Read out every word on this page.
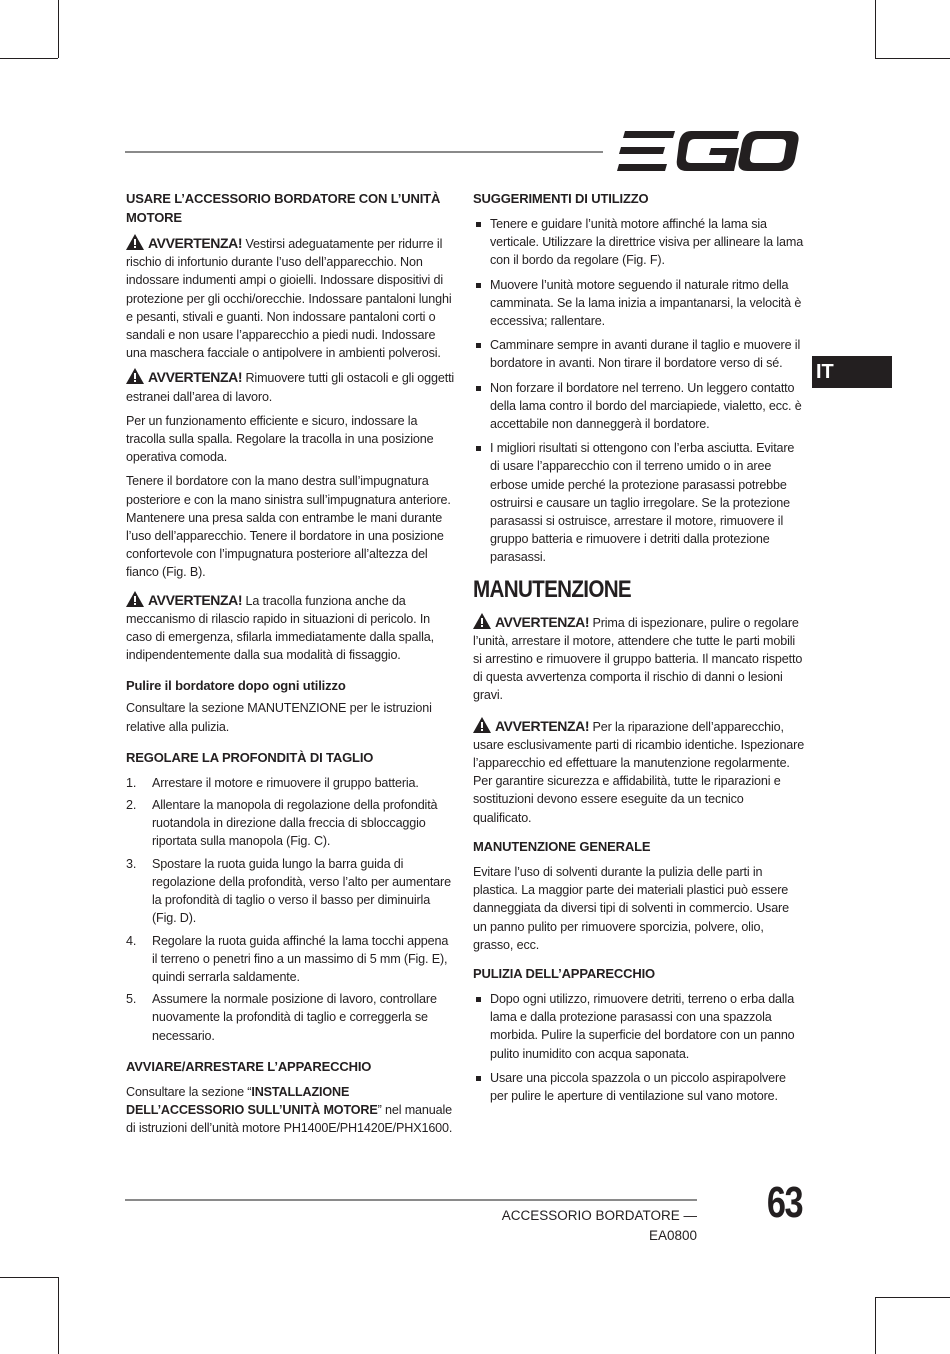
IT
USARE L’ACCESSORIO BORDATORE CON L’UNITÀ MOTORE

AVVERTENZA! Vestirsi adeguatamente per ridurre il rischio di infortunio durante l’uso dell’apparecchio. Non indossare indumenti ampi o gioielli. Indossare dispositivi di protezione per gli occhi/orecchie. Indossare pantaloni lunghi e pesanti, stivali e guanti. Non indossare pantaloni corti o sandali e non usare l’apparecchio a piedi nudi. Indossare una maschera facciale o antipolvere in ambienti polverosi.

AVVERTENZA! Rimuovere tutti gli ostacoli e gli oggetti estranei dall’area di lavoro.

Per un funzionamento efficiente e sicuro, indossare la tracolla sulla spalla. Regolare la tracolla in una posizione operativa comoda.

Tenere il bordatore con la mano destra sull’impugnatura posteriore e con la mano sinistra sull’impugnatura anteriore. Mantenere una presa salda con entrambe le mani durante l’uso dell’apparecchio. Tenere il bordatore in una posizione confortevole con l’impugnatura posteriore all’altezza del fianco (Fig. B).

AVVERTENZA! La tracolla funziona anche da meccanismo di rilascio rapido in situazioni di pericolo. In caso di emergenza, sfilarla immediatamente dalla spalla, indipendentemente dalla sua modalità di fissaggio.

Pulire il bordatore dopo ogni utilizzo

Consultare la sezione MANUTENZIONE per le istruzioni relative alla pulizia.

REGOLARE LA PROFONDITÀ DI TAGLIO
1. Arrestare il motore e rimuovere il gruppo batteria.
2. Allentare la manopola di regolazione della profondità ruotandola in direzione dalla freccia di sbloccaggio riportata sulla manopola (Fig. C).
3. Spostare la ruota guida lungo la barra guida di regolazione della profondità, verso l’alto per aumentare la profondità di taglio o verso il basso per diminuirla (Fig. D).
4. Regolare la ruota guida affinché la lama tocchi appena il terreno o penetri fino a un massimo di 5 mm (Fig. E), quindi serrarla saldamente.
5. Assumere la normale posizione di lavoro, controllare nuovamente la profondità di taglio e correggerla se necessario.
AVVIARE/ARRESTARE L’APPARECCHIO

Consultare la sezione “INSTALLAZIONE DELL’ACCESSORIO SULL’UNITÀ MOTORE” nel manuale di istruzioni dell’unità motore PH1400E/PH1420E/PHX1600.

SUGGERIMENTI DI UTILIZZO
Tenere e guidare l’unità motore affinché la lama sia verticale. Utilizzare la direttrice visiva per allineare la lama con il bordo da regolare (Fig. F).
Muovere l’unità motore seguendo il naturale ritmo della camminata. Se la lama inizia a impantanarsi, la velocità è eccessiva; rallentare.
Camminare sempre in avanti durane il taglio e muovere il bordatore in avanti. Non tirare il bordatore verso di sé.
Non forzare il bordatore nel terreno. Un leggero contatto della lama contro il bordo del marciapiede, vialetto, ecc. è accettabile non danneggerà il bordatore.
I migliori risultati si ottengono con l’erba asciutta. Evitare di usare l’apparecchio con il terreno umido o in aree erbose umide perché la protezione parasassi potrebbe ostruirsi e causare un taglio irregolare. Se la protezione parasassi si ostruisce, arrestare il motore, rimuovere il gruppo batteria e rimuovere i detriti dalla protezione parasassi.
MANUTENZIONE

AVVERTENZA! Prima di ispezionare, pulire o regolare l’unità, arrestare il motore, attendere che tutte le parti mobili si arrestino e rimuovere il gruppo batteria. Il mancato rispetto di questa avvertenza comporta il rischio di danni o lesioni gravi.

AVVERTENZA! Per la riparazione dell’apparecchio, usare esclusivamente parti di ricambio identiche. Ispezionare l’apparecchio ed effettuare la manutenzione regolarmente. Per garantire sicurezza e affidabilità, tutte le riparazioni e sostituzioni devono essere eseguite da un tecnico qualificato.

MANUTENZIONE GENERALE

Evitare l’uso di solventi durante la pulizia delle parti in plastica. La maggior parte dei materiali plastici può essere danneggiata da diversi tipi di solventi in commercio. Usare un panno pulito per rimuovere sporcizia, polvere, olio, grasso, ecc.

PULIZIA DELL’APPARECCHIO
Dopo ogni utilizzo, rimuovere detriti, terreno o erba dalla lama e dalla protezione parasassi con una spazzola morbida. Pulire la superficie del bordatore con un panno pulito inumidito con acqua saponata.
Usare una piccola spazzola o un piccolo aspirapolvere per pulire le aperture di ventilazione sul vano motore.
ACCESSORIO BORDATORE — EA0800
63
